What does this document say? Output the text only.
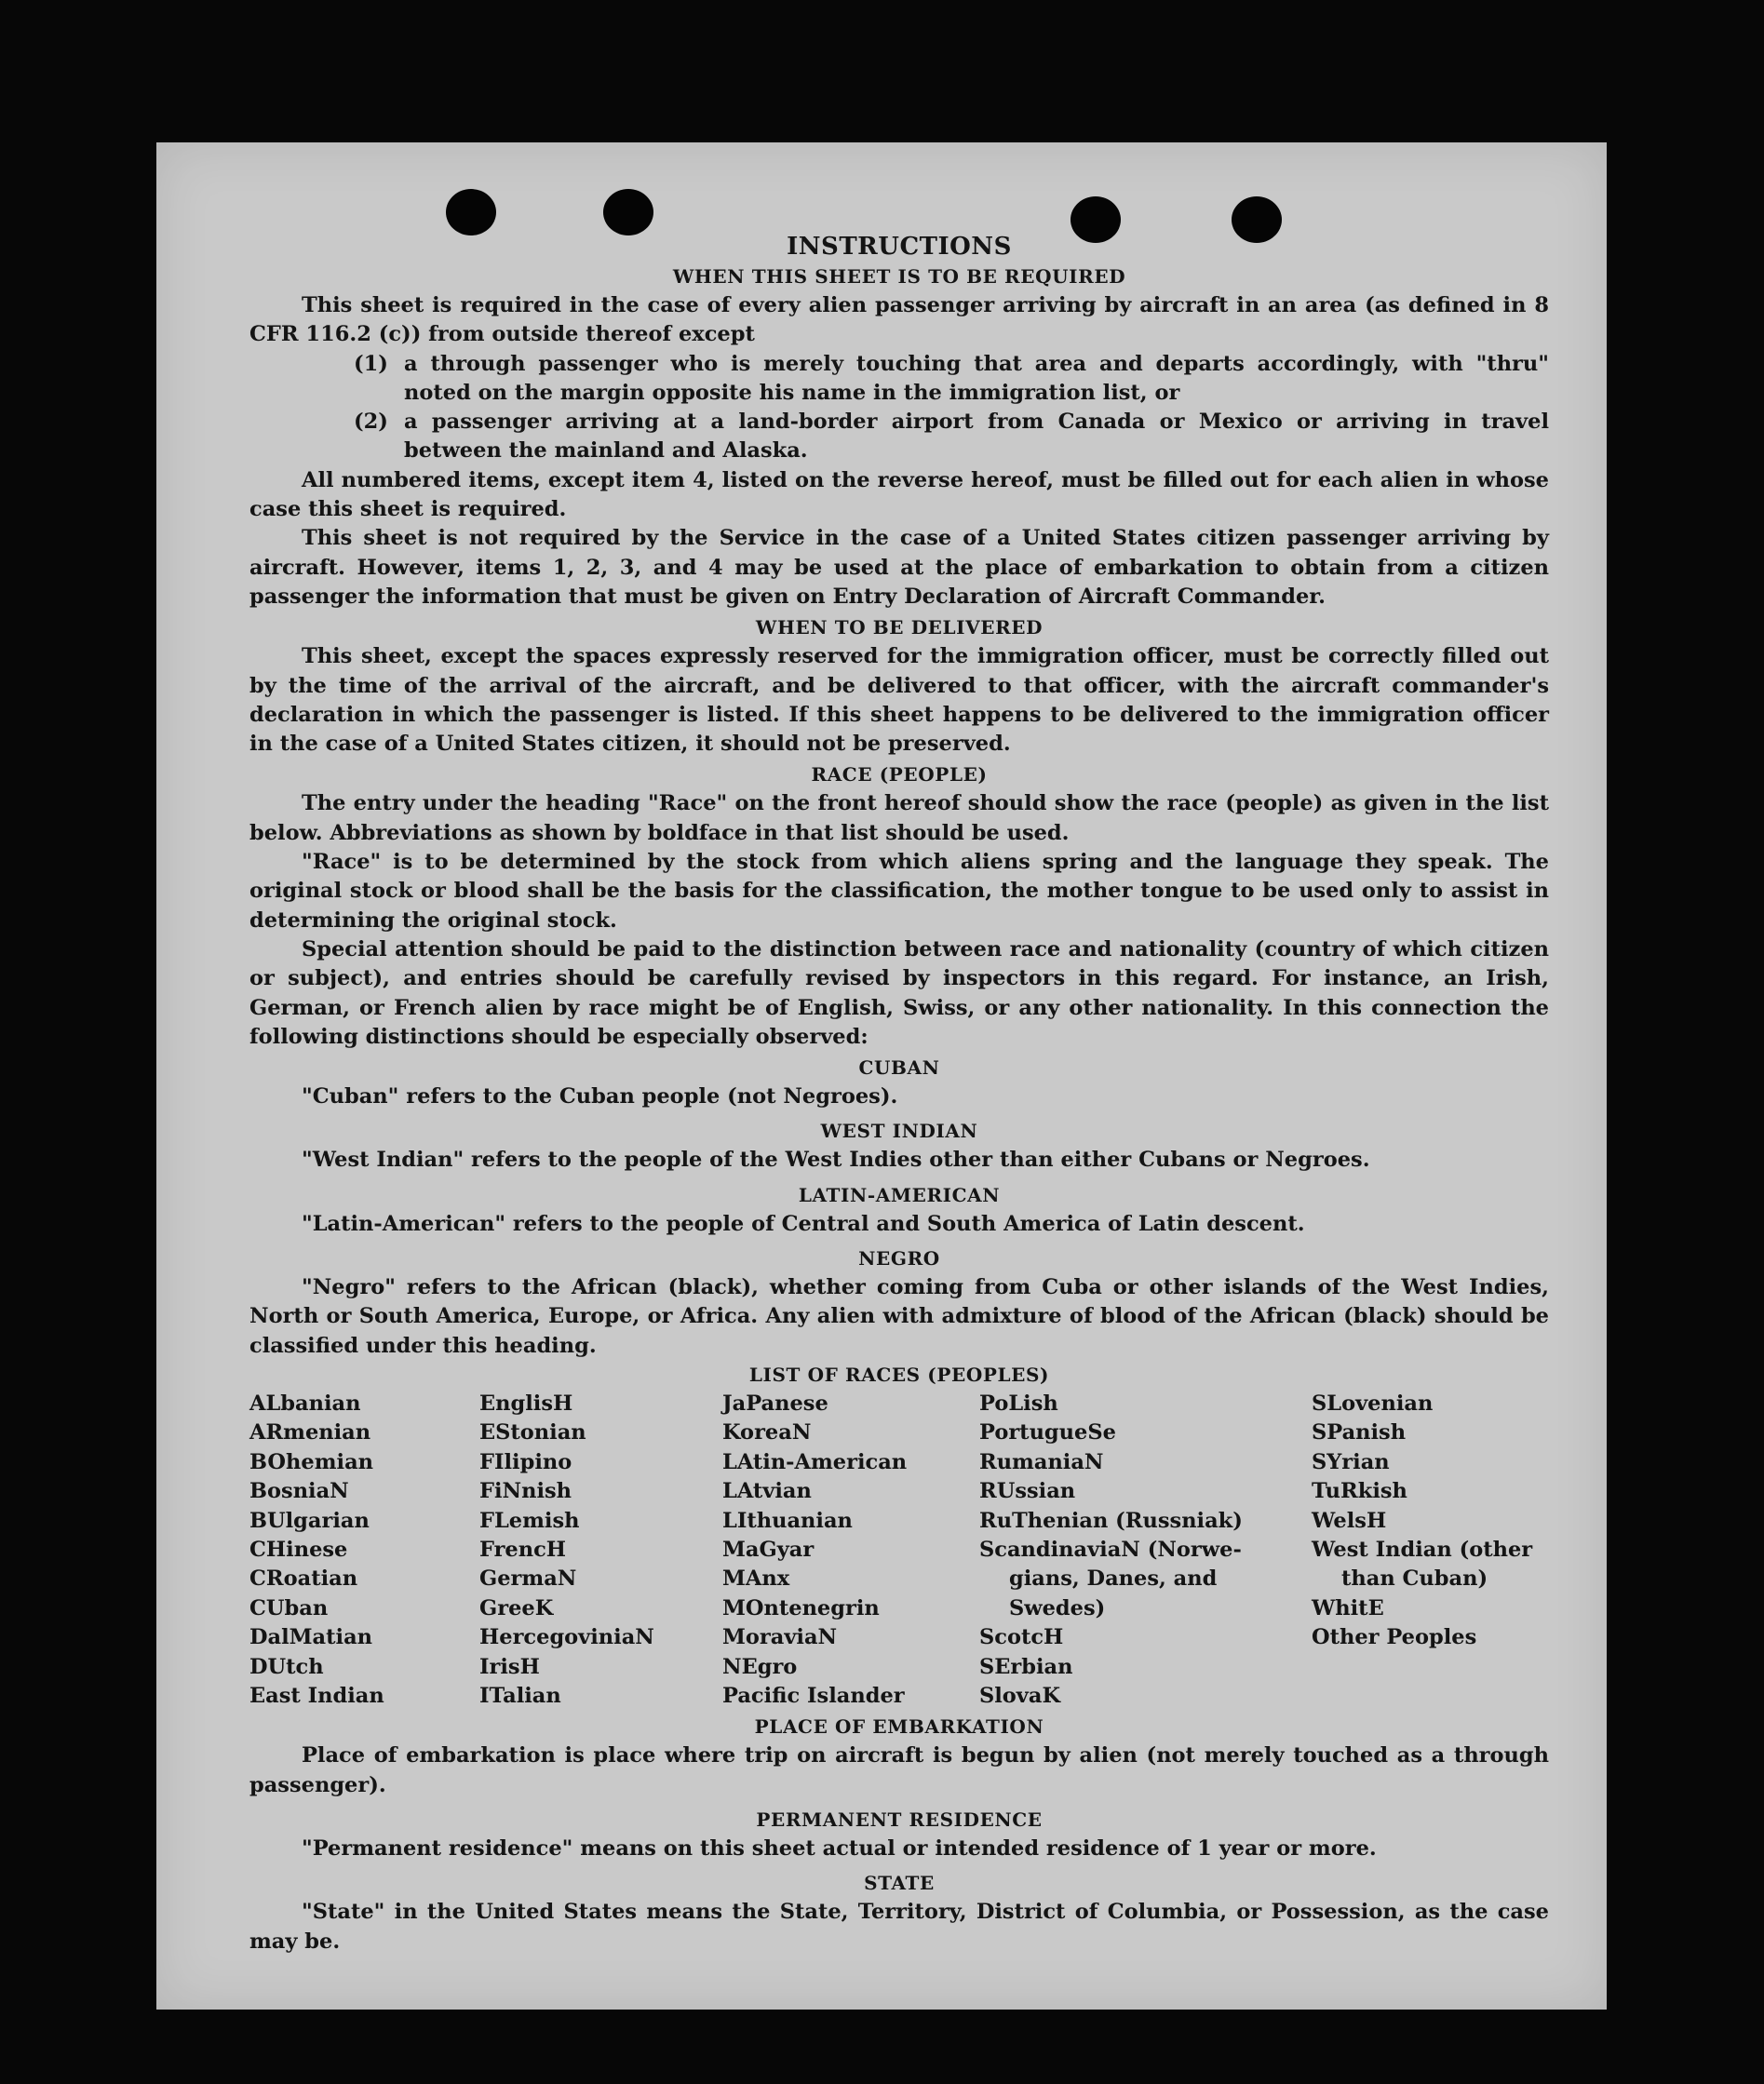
INSTRUCTIONS
WHEN THIS SHEET IS TO BE REQUIRED

This sheet is required in the case of every alien passenger arriving by aircraft in an area (as defined in 8 CFR 116.2 (c)) from outside thereof except

(1) a through passenger who is merely touching that area and departs accordingly, with "thru" noted on the margin opposite his name in the immigration list, or
(2) a passenger arriving at a land-border airport from Canada or Mexico or arriving in travel between the mainland and Alaska.

All numbered items, except item 4, listed on the reverse hereof, must be filled out for each alien in whose case this sheet is required.

This sheet is not required by the Service in the case of a United States citizen passenger arriving by aircraft. However, items 1, 2, 3, and 4 may be used at the place of embarkation to obtain from a citizen passenger the information that must be given on Entry Declaration of Aircraft Commander.

WHEN TO BE DELIVERED

This sheet, except the spaces expressly reserved for the immigration officer, must be correctly filled out by the time of the arrival of the aircraft, and be delivered to that officer, with the aircraft commander's declaration in which the passenger is listed. If this sheet happens to be delivered to the immigration officer in the case of a United States citizen, it should not be preserved.

RACE (PEOPLE)

The entry under the heading "Race" on the front hereof should show the race (people) as given in the list below. Abbreviations as shown by boldface in that list should be used.

"Race" is to be determined by the stock from which aliens spring and the language they speak. The original stock or blood shall be the basis for the classification, the mother tongue to be used only to assist in determining the original stock.

Special attention should be paid to the distinction between race and nationality (country of which citizen or subject), and entries should be carefully revised by inspectors in this regard. For instance, an Irish, German, or French alien by race might be of English, Swiss, or any other nationality. In this connection the following distinctions should be especially observed:

CUBAN

"Cuban" refers to the Cuban people (not Negroes).

WEST INDIAN

"West Indian" refers to the people of the West Indies other than either Cubans or Negroes.

LATIN-AMERICAN

"Latin-American" refers to the people of Central and South America of Latin descent.

NEGRO

"Negro" refers to the African (black), whether coming from Cuba or other islands of the West Indies, North or South America, Europe, or Africa. Any alien with admixture of blood of the African (black) should be classified under this heading.

LIST OF RACES (PEOPLES)
ALbanian
ARmenian
BOhemian
BosniaN
BUlgarian
CHinese
CRoatian
CUban
DalMatian
DUtch
East Indian
EnglisH
EStonian
FIlipino
FiNnish
FLemish
FrencH
GermaN
GreeK
HercegoviniaN
IrisH
ITalian
JaPanese
KoreaN
LAtin-American
LAtvian
LIthuanian
MaGyar
MAnx
MOntenegrin
MoraviaN
NEgro
Pacific Islander
PoLish
PortugueSe
RumaniaN
RUssian
RuThenian (Russniak)
ScandinaviaN (Norwe-
gians, Danes, and
Swedes)
ScotcH
SErbian
SlovaK
SLovenian
SPanish
SYrian
TuRkish
WelsH
West Indian (other
than Cuban)
WhitE
Other Peoples
PLACE OF EMBARKATION

Place of embarkation is place where trip on aircraft is begun by alien (not merely touched as a through passenger).

PERMANENT RESIDENCE

"Permanent residence" means on this sheet actual or intended residence of 1 year or more.

STATE

"State" in the United States means the State, Territory, District of Columbia, or Possession, as the case may be.
